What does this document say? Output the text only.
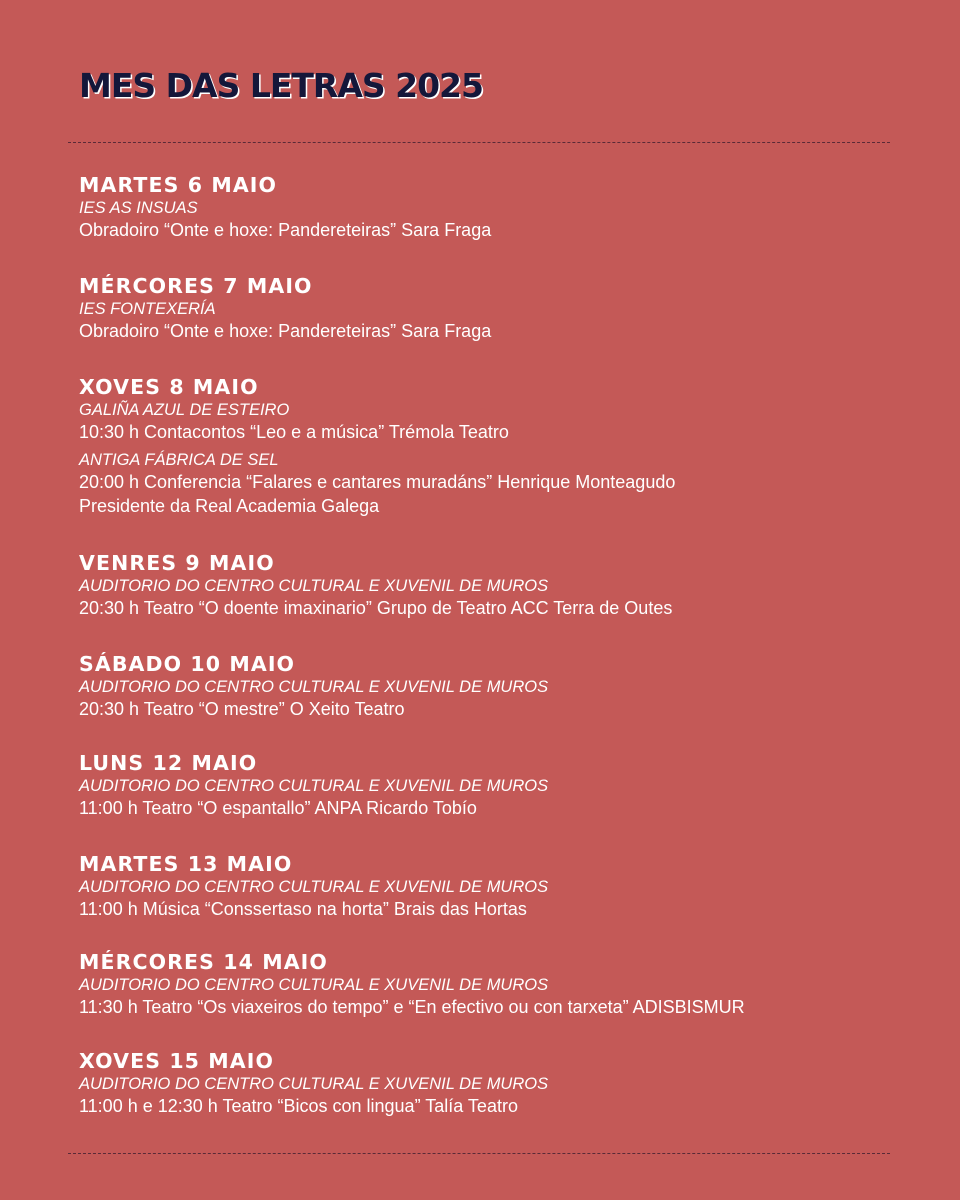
MES DAS LETRAS 2025
MARTES 6 MAIO
IES AS INSUAS
Obradoiro “Onte e hoxe: Pandereteiras” Sara Fraga
MÉRCORES 7 MAIO
IES FONTEXERÍA
Obradoiro “Onte e hoxe: Pandereteiras” Sara Fraga
XOVES 8 MAIO
GALIÑA AZUL DE ESTEIRO
10:30 h Contacontos “Leo e a música” Trémola Teatro
ANTIGA FÁBRICA DE SEL
20:00 h Conferencia “Falares e cantares muradáns” Henrique Monteagudo
Presidente da Real Academia Galega
VENRES 9 MAIO
AUDITORIO DO CENTRO CULTURAL E XUVENIL DE MUROS
20:30 h Teatro “O doente imaxinario” Grupo de Teatro ACC Terra de Outes
SÁBADO 10 MAIO
AUDITORIO DO CENTRO CULTURAL E XUVENIL DE MUROS
20:30 h Teatro “O mestre” O Xeito Teatro
LUNS 12 MAIO
AUDITORIO DO CENTRO CULTURAL E XUVENIL DE MUROS
11:00 h Teatro “O espantallo” ANPA Ricardo Tobío
MARTES 13 MAIO
AUDITORIO DO CENTRO CULTURAL E XUVENIL DE MUROS
11:00 h Música “Conssertaso na horta” Brais das Hortas
MÉRCORES 14 MAIO
AUDITORIO DO CENTRO CULTURAL E XUVENIL DE MUROS
11:30 h Teatro “Os viaxeiros do tempo” e “En efectivo ou con tarxeta” ADISBISMUR
XOVES 15 MAIO
AUDITORIO DO CENTRO CULTURAL E XUVENIL DE MUROS
11:00 h e 12:30 h Teatro “Bicos con lingua” Talía Teatro
